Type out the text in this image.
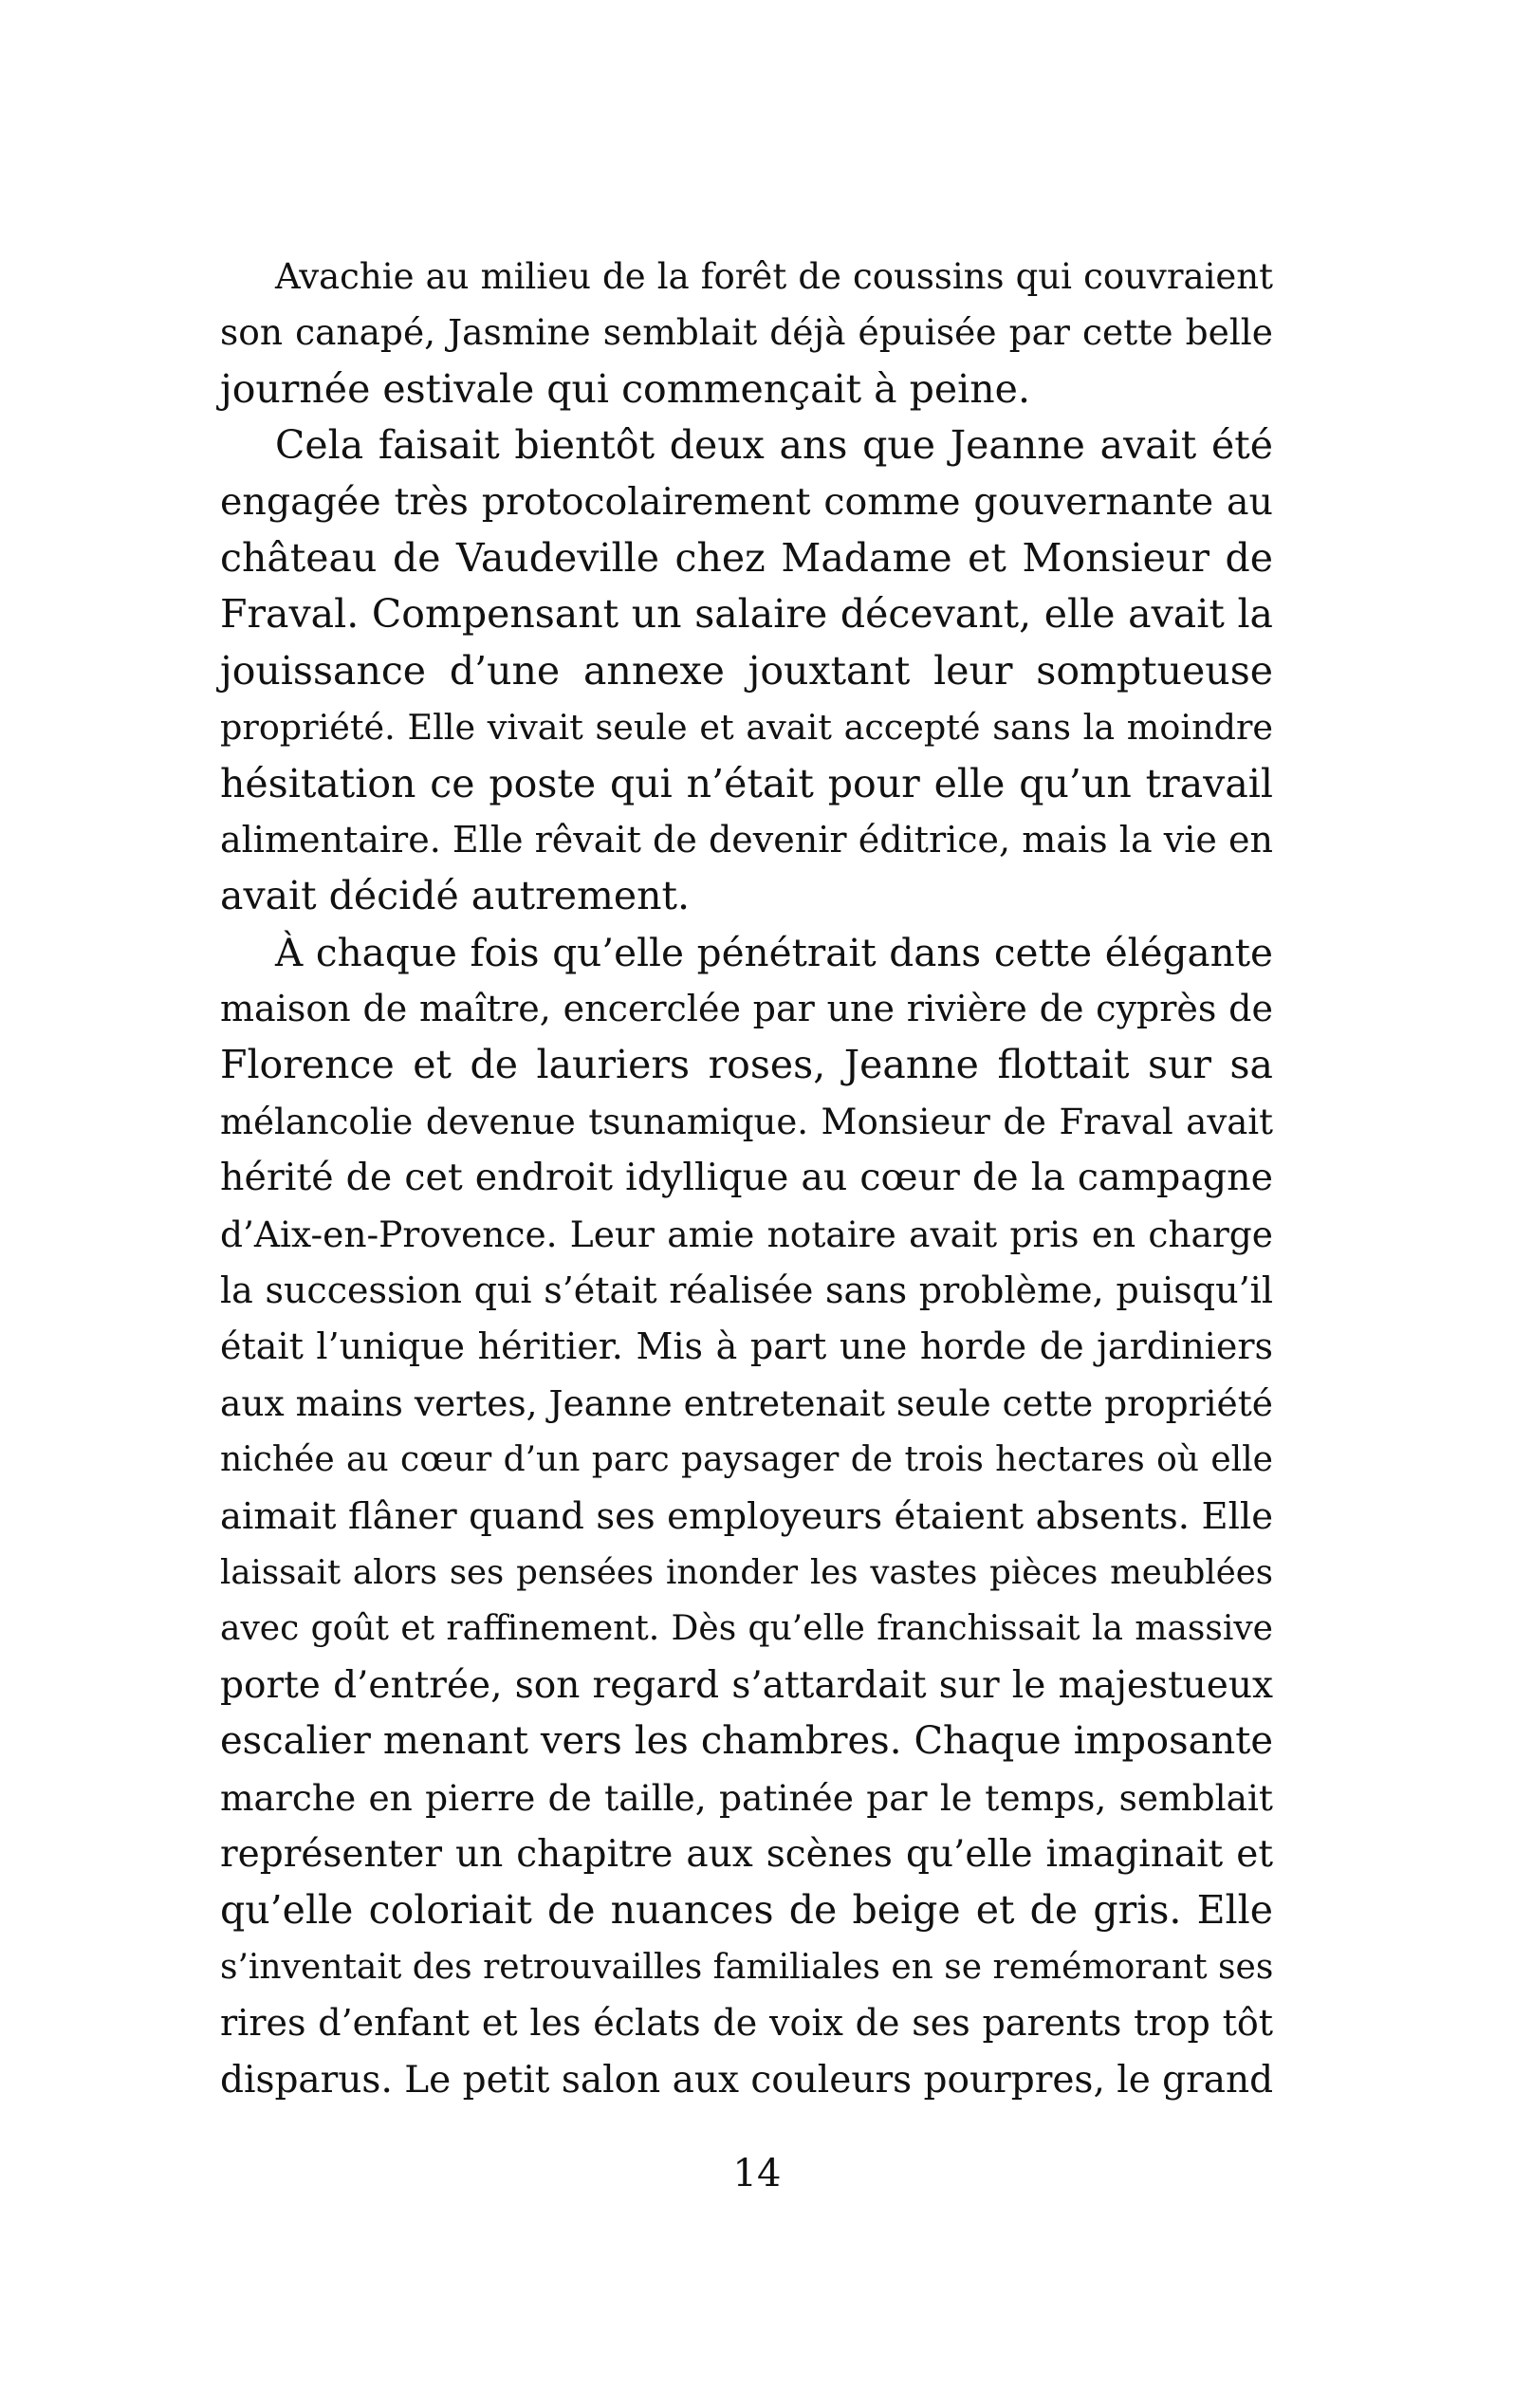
Avachie au milieu de la forêt de coussins qui couvraient
son canapé, Jasmine semblait déjà épuisée par cette belle
journée estivale qui commençait à peine.
Cela faisait bientôt deux ans que Jeanne avait été
engagée très protocolairement comme gouvernante au
château de Vaudeville chez Madame et Monsieur de
Fraval. Compensant un salaire décevant, elle avait la
jouissance d’une annexe jouxtant leur somptueuse
propriété. Elle vivait seule et avait accepté sans la moindre
hésitation ce poste qui n’était pour elle qu’un travail
alimentaire. Elle rêvait de devenir éditrice, mais la vie en
avait décidé autrement.
À chaque fois qu’elle pénétrait dans cette élégante
maison de maître, encerclée par une rivière de cyprès de
Florence et de lauriers roses, Jeanne flottait sur sa
mélancolie devenue tsunamique. Monsieur de Fraval avait
hérité de cet endroit idyllique au cœur de la campagne
d’Aix-en-Provence. Leur amie notaire avait pris en charge
la succession qui s’était réalisée sans problème, puisqu’il
était l’unique héritier. Mis à part une horde de jardiniers
aux mains vertes, Jeanne entretenait seule cette propriété
nichée au cœur d’un parc paysager de trois hectares où elle
aimait flâner quand ses employeurs étaient absents. Elle
laissait alors ses pensées inonder les vastes pièces meublées
avec goût et raffinement. Dès qu’elle franchissait la massive
porte d’entrée, son regard s’attardait sur le majestueux
escalier menant vers les chambres. Chaque imposante
marche en pierre de taille, patinée par le temps, semblait
représenter un chapitre aux scènes qu’elle imaginait et
qu’elle coloriait de nuances de beige et de gris. Elle
s’inventait des retrouvailles familiales en se remémorant ses
rires d’enfant et les éclats de voix de ses parents trop tôt
disparus. Le petit salon aux couleurs pourpres, le grand
14
